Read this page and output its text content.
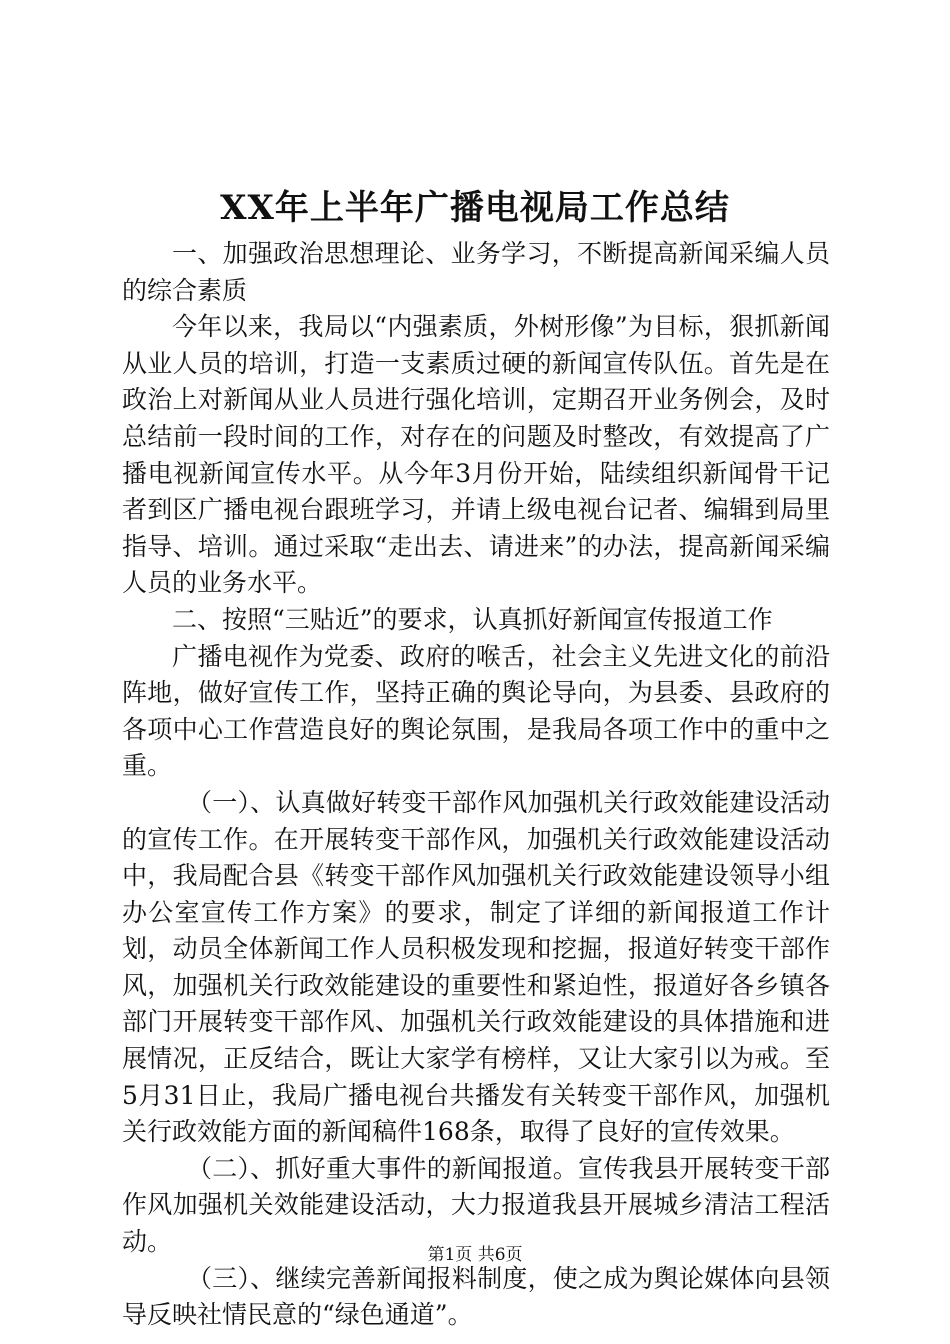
XX年上半年广播电视局工作总结

一、加强政治思想理论、业务学习，不断提高新闻采编人员的综合素质

今年以来，我局以“内强素质，外树形像”为目标，狠抓新闻从业人员的培训，打造一支素质过硬的新闻宣传队伍。首先是在政治上对新闻从业人员进行强化培训，定期召开业务例会，及时总结前一段时间的工作，对存在的问题及时整改，有效提高了广播电视新闻宣传水平。从今年3月份开始，陆续组织新闻骨干记者到区广播电视台跟班学习，并请上级电视台记者、编辑到局里指导、培训。通过采取“走出去、请进来”的办法，提高新闻采编人员的业务水平。

二、按照“三贴近”的要求，认真抓好新闻宣传报道工作

广播电视作为党委、政府的喉舌，社会主义先进文化的前沿阵地，做好宣传工作，坚持正确的舆论导向，为县委、县政府的各项中心工作营造良好的舆论氛围，是我局各项工作中的重中之重。

（一）、认真做好转变干部作风加强机关行政效能建设活动的宣传工作。在开展转变干部作风，加强机关行政效能建设活动中，我局配合县《转变干部作风加强机关行政效能建设领导小组办公室宣传工作方案》的要求，制定了详细的新闻报道工作计划，动员全体新闻工作人员积极发现和挖掘，报道好转变干部作风，加强机关行政效能建设的重要性和紧迫性，报道好各乡镇各部门开展转变干部作风、加强机关行政效能建设的具体措施和进展情况，正反结合，既让大家学有榜样，又让大家引以为戒。至5月31日止，我局广播电视台共播发有关转变干部作风，加强机关行政效能方面的新闻稿件168条，取得了良好的宣传效果。

（二）、抓好重大事件的新闻报道。宣传我县开展转变干部作风加强机关效能建设活动，大力报道我县开展城乡清洁工程活动。

（三）、继续完善新闻报料制度，使之成为舆论媒体向县领导反映社情民意的“绿色通道”。

第1页 共6页
